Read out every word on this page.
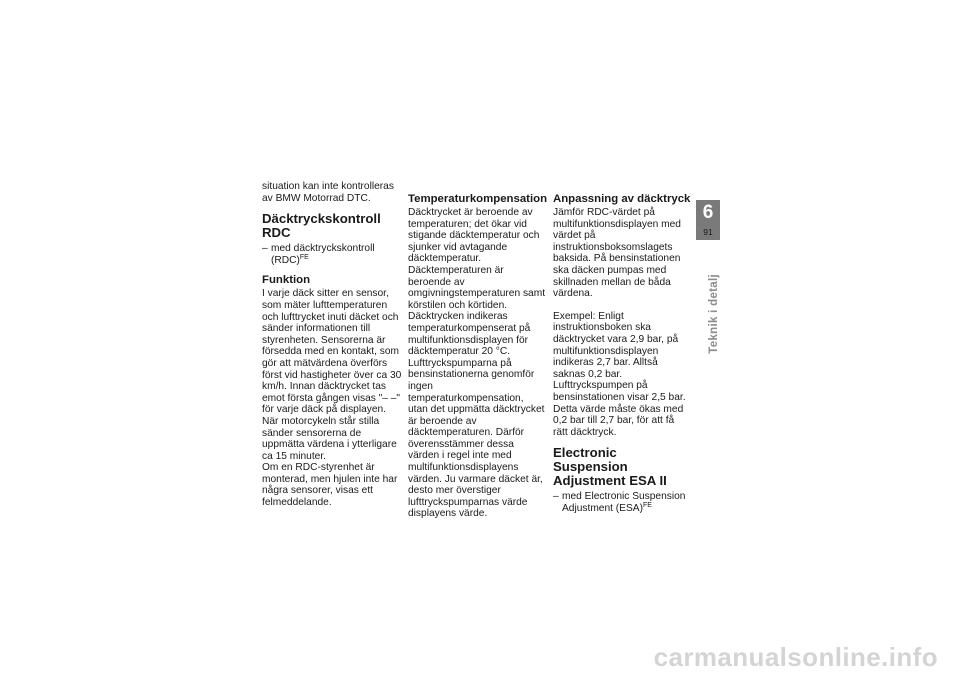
situation kan inte kontrolleras av BMW Motorrad DTC.

Däcktryckskontroll RDC

– med däcktryckskontroll (RDC)$^{FE}$

Funktion

I varje däck sitter en sensor, som mäter lufttemperaturen och lufttrycket inuti däcket och sänder informationen till styrenheten. Sensorerna är försedda med en kontakt, som gör att mätvärdena överförs först vid hastigheter över ca 30 km/h. Innan däcktrycket tas emot första gången visas "– –" för varje däck på displayen. När motorcykeln står stilla sänder sensorerna de uppmätta värdena i ytterligare ca 15 minuter.

Om en RDC-styrenhet är monterad, men hjulen inte har några sensorer, visas ett felmeddelande.

Temperaturkompensation

Däcktrycket är beroende av temperaturen; det ökar vid stigande däcktemperatur och sjunker vid avtagande däcktemperatur. Däcktemperaturen är beroende av omgivningstemperaturen samt körstilen och körtiden. Däcktrycken indikeras temperaturkompenserat på multifunktionsdisplayen för däcktemperatur 20 °C. Lufttryckspumparna på bensinstationerna genomför ingen temperaturkompensation, utan det uppmätta däcktrycket är beroende av däcktemperaturen. Därför överensstämmer dessa värden i regel inte med multifunktionsdisplayens värden. Ju varmare däcket är, desto mer överstiger lufttryckspumparnas värde displayens värde.

Anpassning av däcktryck

Jämför RDC-värdet på multifunktionsdisplayen med värdet på instruktionsboksomslagets baksida. På bensinstationen ska däcken pumpas med skillnaden mellan de båda värdena.

Exempel: Enligt instruktionsboken ska däcktrycket vara 2,9 bar, på multifunktionsdisplayen indikeras 2,7 bar. Alltså saknas 0,2 bar. Lufttryckspumpen på bensinstationen visar 2,5 bar. Detta värde måste ökas med 0,2 bar till 2,7 bar, för att få rätt däcktryck.

Electronic Suspension Adjustment ESA II

– med Electronic Suspension Adjustment (ESA)$^{FE}$

6
91
Teknik i detalj
carmanualsonline.info
